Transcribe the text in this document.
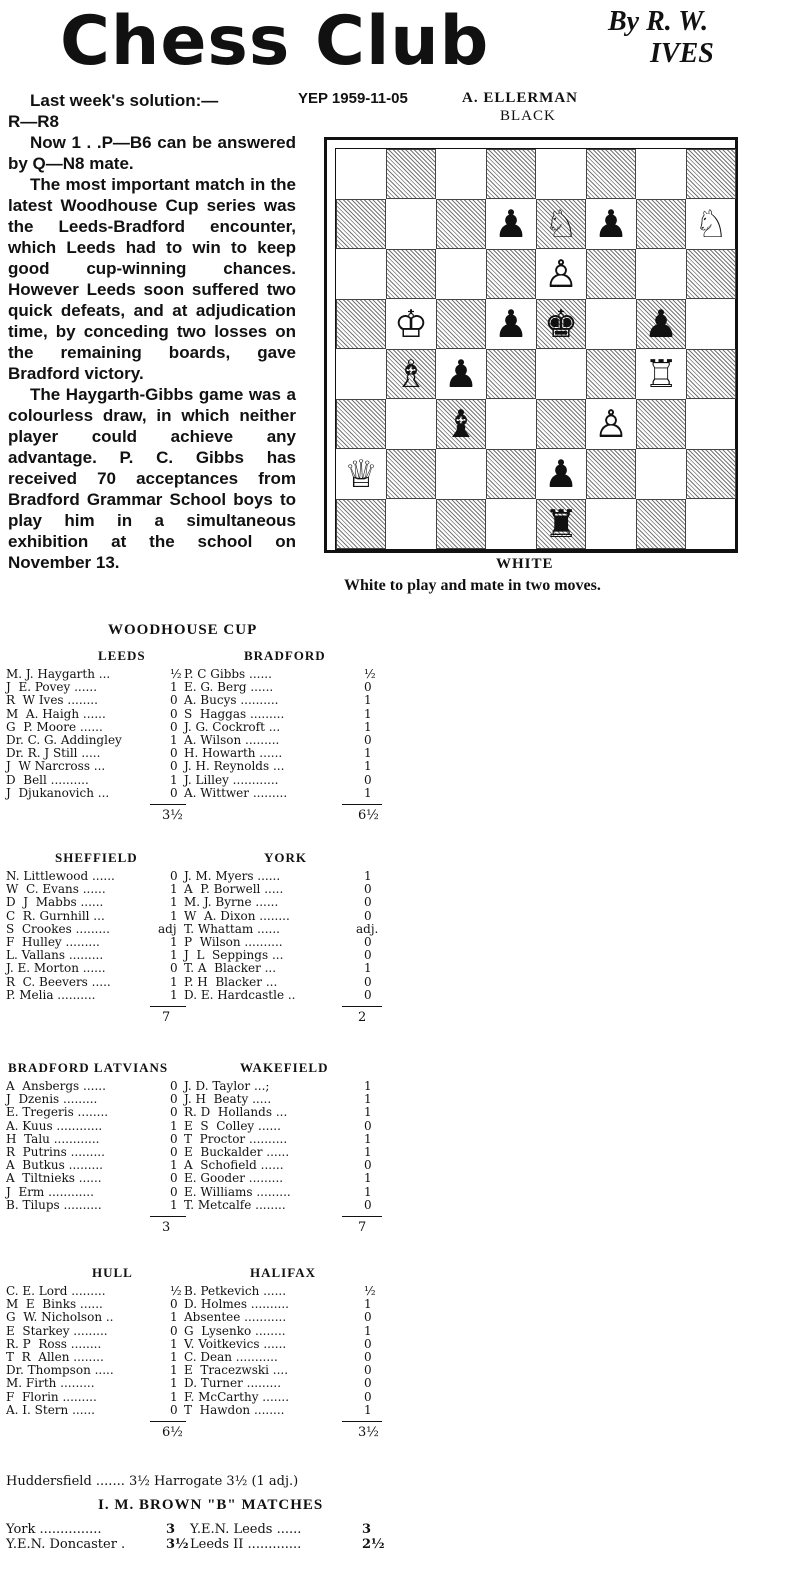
Chess Club	By R. W.
IVES

Last week's solution:—

R—R8

Now 1 . .P—B6 can be answered by Q—N8 mate.

The most important match in the latest Woodhouse Cup series was the Leeds-Bradford encounter, which Leeds had to win to keep good cup-winning chances. However Leeds soon suffered two quick defeats, and at adjudication time, by conceding two losses on the remaining boards, gave Bradford victory.

The Haygarth-Gibbs game was a colourless draw, in which neither player could achieve any advantage. P. C. Gibbs has received 70 acceptances from Bradford Grammar School boys to play him in a simultaneous exhibition at the school on November 13.

YEP 1959-11-05	A. ELLERMAN
BLACK
♟ ♘ ♟ ♘
♙
♔ ♟ ♚ ♟
♗ ♟	♖
♝	♙
♕	♟
♜
WHITE
White to play and mate in two moves.
WOODHOUSE CUP
LEEDS	BRADFORD
M. J. Haygarth ...	½ P. C Gibbs ......	½
J  E. Povey ......	1 E. G. Berg ......	0
R  W Ives ........	0 A. Bucys ..........	1
M  A. Haigh ......	0 S  Haggas .........	1
G  P. Moore ......	0 J. G. Cockroft ...	1
Dr. C. G. Addingley	1 A. Wilson .........	0
Dr. R. J Still .....	0 H. Howarth ......	1
J  W Narcross ...	0 J. H. Reynolds ...	1
D  Bell ..........	1 J. Lilley ............	0
J  Djukanovich ...	0 A. Wittwer .........	1
3½	6½
SHEFFIELD	YORK
N. Littlewood ......	0 J. M. Myers ......	1
W  C. Evans ......	1 A  P. Borwell .....	0
D  J  Mabbs ......	1 M. J. Byrne ......	0
C  R. Gurnhill ...	1 W  A. Dixon ........	0
S  Crookes .........	adj T. Whattam ......	adj.
F  Hulley .........	1 P  Wilson ..........	0
L. Vallans .........	1 J  L  Seppings ...	0
J. E. Morton ......	0 T. A  Blacker ...	1
R  C. Beevers .....	1 P. H  Blacker ...	0
P. Melia ..........	1 D. E. Hardcastle ..	0
7	2
BRADFORD LATVIANS	WAKEFIELD
A  Ansbergs ......	0 J. D. Taylor ...;	1
J  Dzenis .........	0 J. H  Beaty .....	1
E. Tregeris ........	0 R. D  Hollands ...	1
A. Kuus ............	1 E  S  Colley ......	0
H  Talu ............	0 T  Proctor ..........	1
R  Putrins .........	0 E  Buckalder ......	1
A  Butkus .........	1 A  Schofield ......	0
A  Tiltnieks ......	0 E. Gooder .........	1
J  Erm ............	0 E. Williams .........	1
B. Tilups ..........	1 T. Metcalfe ........	0
3	7
HULL	HALIFAX
C. E. Lord .........	½ B. Petkevich ......	½
M  E  Binks ......	0 D. Holmes ..........	1
G  W. Nicholson ..	1 Absentee ...........	0
E  Starkey .........	0 G  Lysenko ........	1
R. P  Ross ........	1 V. Voitkevics ......	0
T  R  Allen ........	1 C. Dean ...........	0
Dr. Thompson .....	1 E  Tracezwski ....	0
M. Firth .........	1 D. Turner .........	0
F  Florin .........	1 F. McCarthy .......	0
A. I. Stern ......	0 T  Hawdon ........	1
6½	3½
Huddersfield ....... 3½ Harrogate 3½ (1 adj.)
I. M. BROWN "B" MATCHES
York ...............	3 Y.E.N. Leeds ......	3
Y.E.N. Doncaster .	3½ Leeds II .............	2½
